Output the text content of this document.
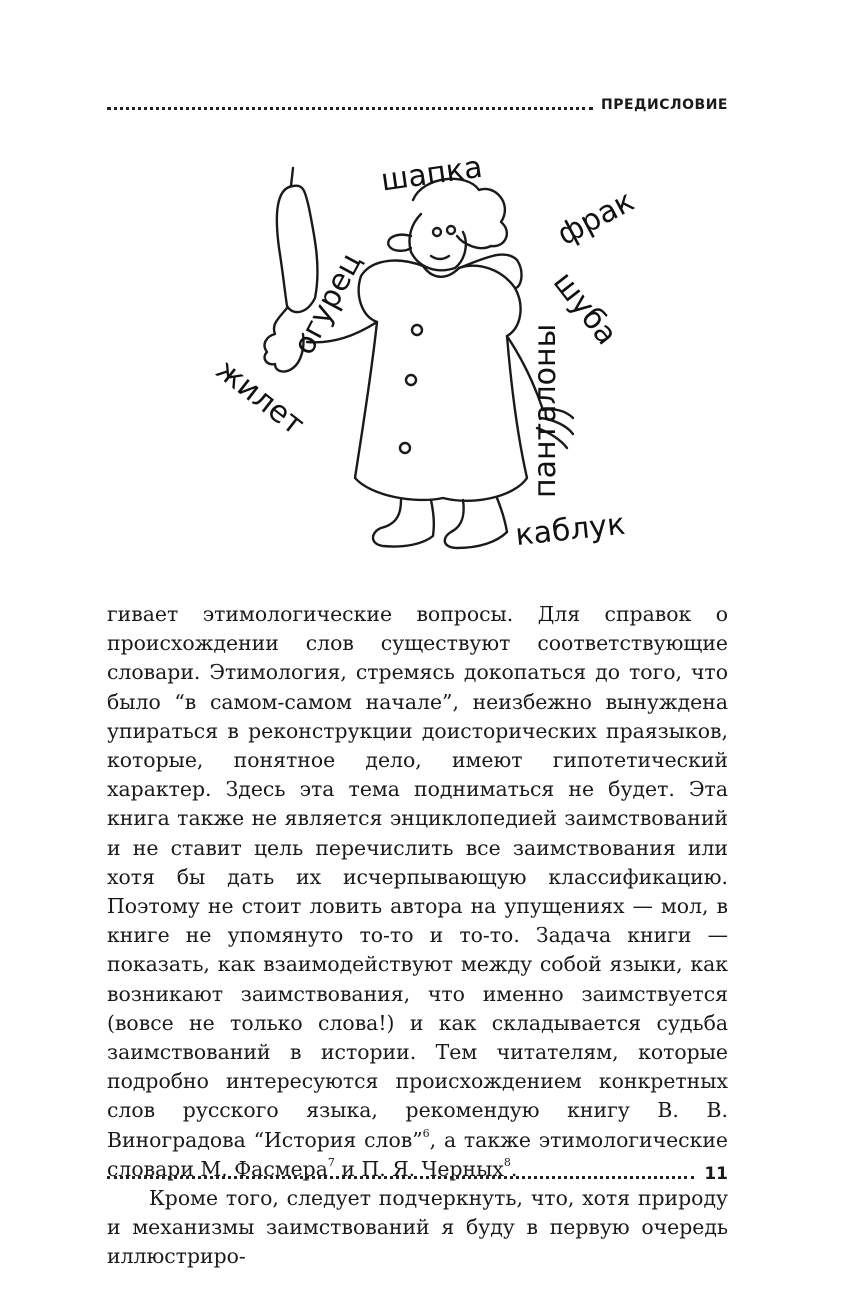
ПРЕДИСЛОВИЕ
шапка
фрак
шуба
панталоны
каблук
жилет
огурец

гивает этимологические вопросы. Для справок о происхождении слов существуют соответствующие словари. Этимология, стремясь докопаться до того, что было “в самом-самом начале”, неизбежно вынуждена упираться в реконструкции доисторических праязыков, которые, понятное дело, имеют гипотетический характер. Здесь эта тема подниматься не будет. Эта книга также не является энциклопедией заимствований и не ставит цель перечислить все заимствования или хотя бы дать их исчерпывающую классификацию. Поэтому не стоит ловить автора на упущениях — мол, в книге не упомянуто то-то и то-то. Задача книги — показать, как взаимодействуют между собой языки, как возникают заимствования, что именно заимствуется (вовсе не только слова!) и как складывается судьба заимствований в истории. Тем читателям, которые подробно интересуются происхождением конкретных слов русского языка, рекомендую книгу В. В. Виноградова “История слов”$^6$, а также этимологические словари М. Фасмера$^7$ и П. Я. Черных$^8$.

Кроме того, следует подчеркнуть, что, хотя природу и механизмы заимствований я буду в первую очередь иллюстриро-

11
